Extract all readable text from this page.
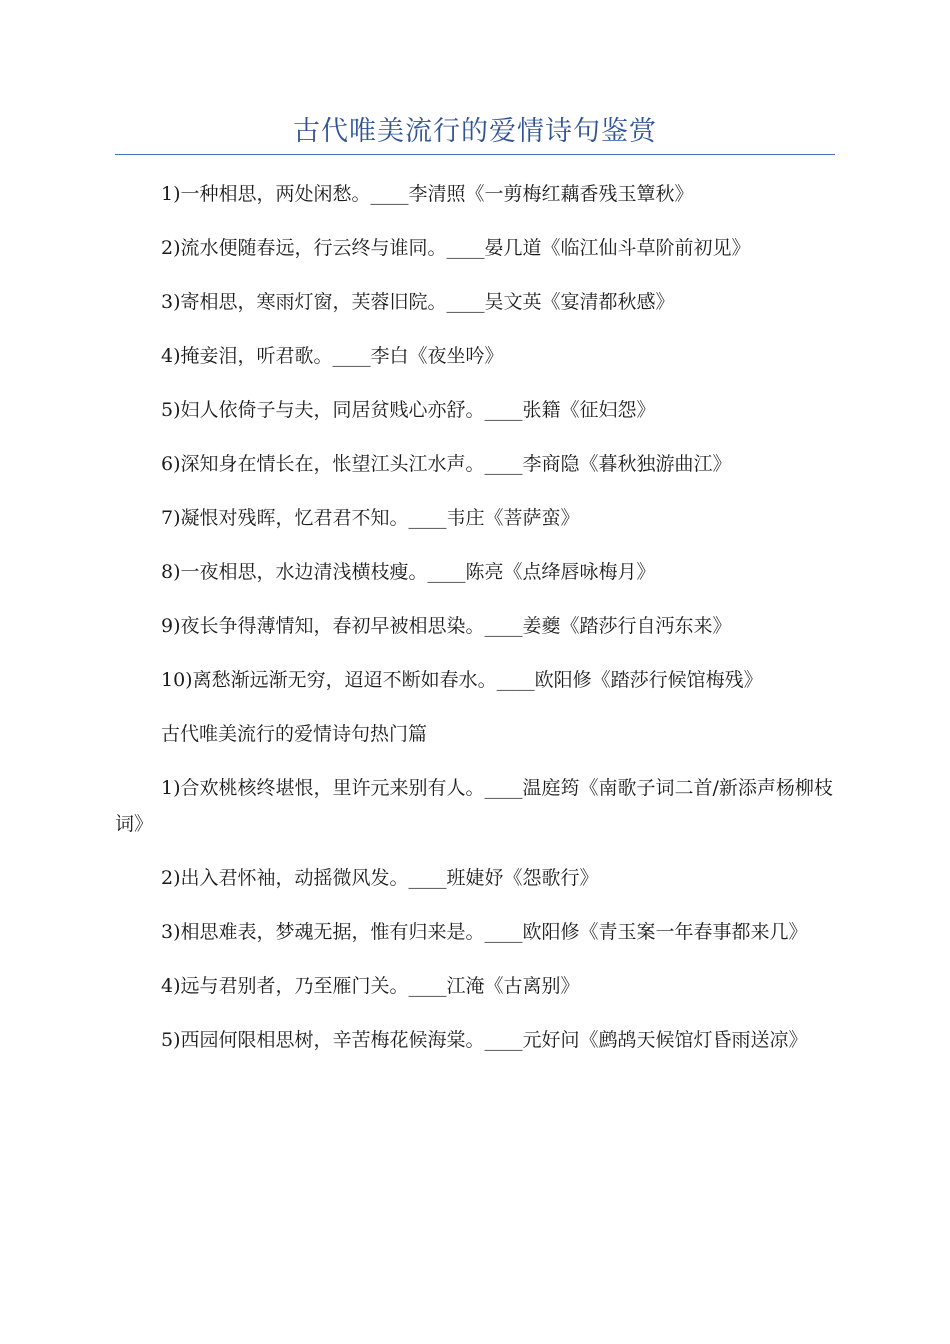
古代唯美流行的爱情诗句鉴赏

1)一种相思，两处闲愁。____李清照《一剪梅红藕香残玉簟秋》

2)流水便随春远，行云终与谁同。____晏几道《临江仙斗草阶前初见》

3)寄相思，寒雨灯窗，芙蓉旧院。____吴文英《宴清都秋感》

4)掩妾泪，听君歌。____李白《夜坐吟》

5)妇人依倚子与夫，同居贫贱心亦舒。____张籍《征妇怨》

6)深知身在情长在，怅望江头江水声。____李商隐《暮秋独游曲江》

7)凝恨对残晖，忆君君不知。____韦庄《菩萨蛮》

8)一夜相思，水边清浅横枝瘦。____陈亮《点绛唇咏梅月》

9)夜长争得薄情知，春初早被相思染。____姜夔《踏莎行自沔东来》

10)离愁渐远渐无穷，迢迢不断如春水。____欧阳修《踏莎行候馆梅残》

古代唯美流行的爱情诗句热门篇

1)合欢桃核终堪恨，里许元来别有人。____温庭筠《南歌子词二首/新添声杨柳枝词》

2)出入君怀袖，动摇微风发。____班婕妤《怨歌行》

3)相思难表，梦魂无据，惟有归来是。____欧阳修《青玉案一年春事都来几》

4)远与君别者，乃至雁门关。____江淹《古离别》

5)西园何限相思树，辛苦梅花候海棠。____元好问《鹧鸪天候馆灯昏雨送凉》
